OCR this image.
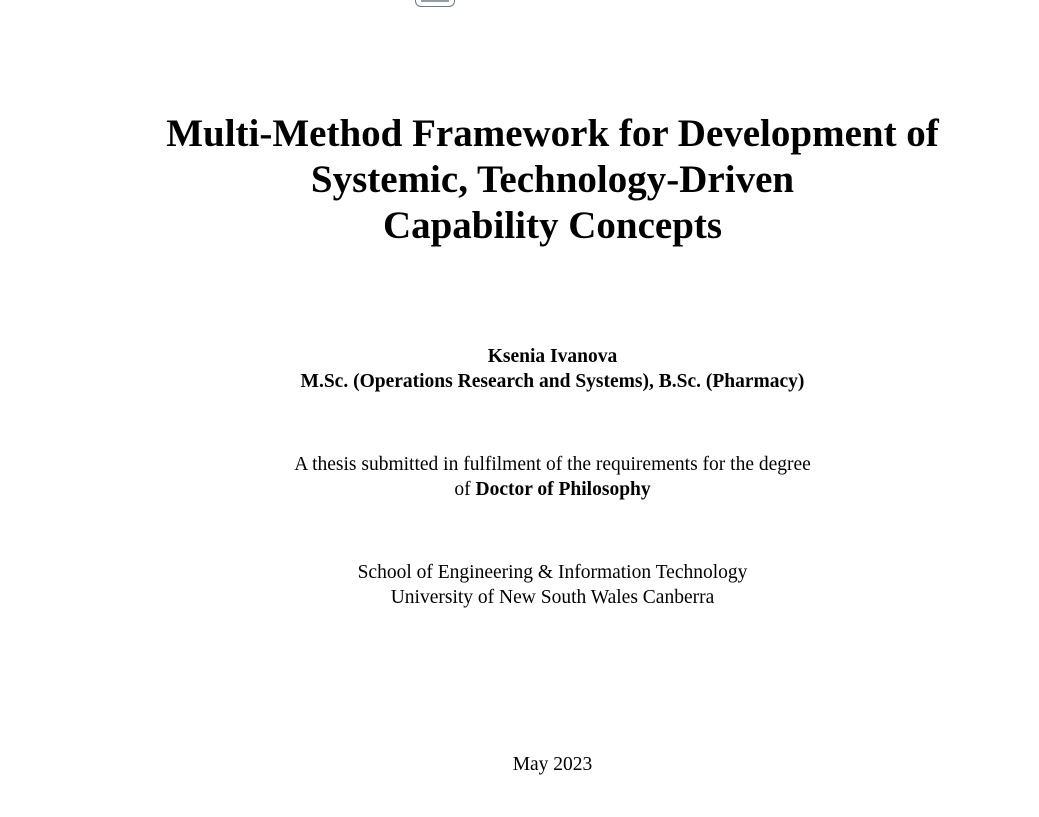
Multi-Method Framework for Development of
Systemic, Technology-Driven
Capability Concepts
Ksenia Ivanova
M.Sc. (Operations Research and Systems), B.Sc. (Pharmacy)
A thesis submitted in fulfilment of the requirements for the degree
of Doctor of Philosophy
School of Engineering & Information Technology
University of New South Wales Canberra
May 2023
